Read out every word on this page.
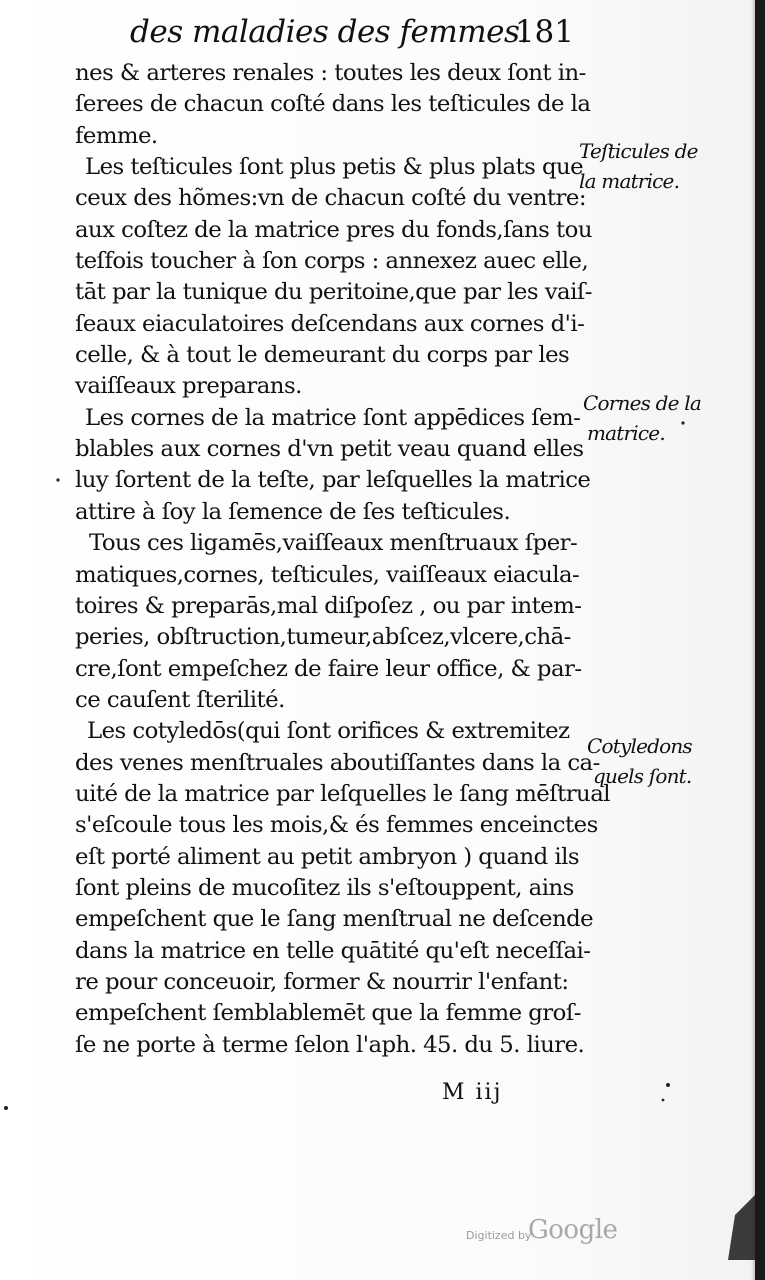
des maladies des femmes.
181
nes & arteres renales : toutes les deux ſont in-
ſerees de chacun coſté dans les teſticules de la
femme.
Les teſticules ſont plus petis & plus plats que
ceux des hõmes:vn de chacun coſté du ventre:
aux coſtez de la matrice pres du fonds,ſans tou
teſfois toucher à ſon corps : annexez auec elle,
tāt par la tunique du peritoine,que par les vaiſ-
ſeaux eiaculatoires deſcendans aux cornes d'i-
celle, & à tout le demeurant du corps par les
vaiſſeaux preparans.
Les cornes de la matrice ſont appēdices ſem-
blables aux cornes d'vn petit veau quand elles
luy ſortent de la teſte, par leſquelles la matrice
attire à ſoy la ſemence de ſes teſticules.
Tous ces ligamēs,vaiſſeaux menſtruaux ſper-
matiques,cornes, teſticules, vaiſſeaux eiacula-
toires & preparās,mal diſpoſez , ou par intem-
peries, obſtruction,tumeur,abſcez,vlcere,chā-
cre,ſont empeſchez de faire leur office, & par-
ce cauſent ſterilité.
Les cotyledōs(qui ſont orifices & extremitez
des venes menſtruales aboutiſſantes dans la ca-
uité de la matrice par leſquelles le ſang mēſtrual
s'eſcoule tous les mois,& és femmes enceinctes
eſt porté aliment au petit ambryon ) quand ils
ſont pleins de mucoſitez ils s'eſtouppent, ains
empeſchent que le ſang menſtrual ne deſcende
dans la matrice en telle quātité qu'eſt neceſſai-
re pour conceuoir, former & nourrir l'enfant:
empeſchent ſemblablemēt que la femme groſ-
ſe ne porte à terme ſelon l'aph. 45. du 5. liure.
Teſticules de
la matrice.
Cornes de la
matrice.
Cotyledons
quels ſont.
M iij
Digitized by
Google
